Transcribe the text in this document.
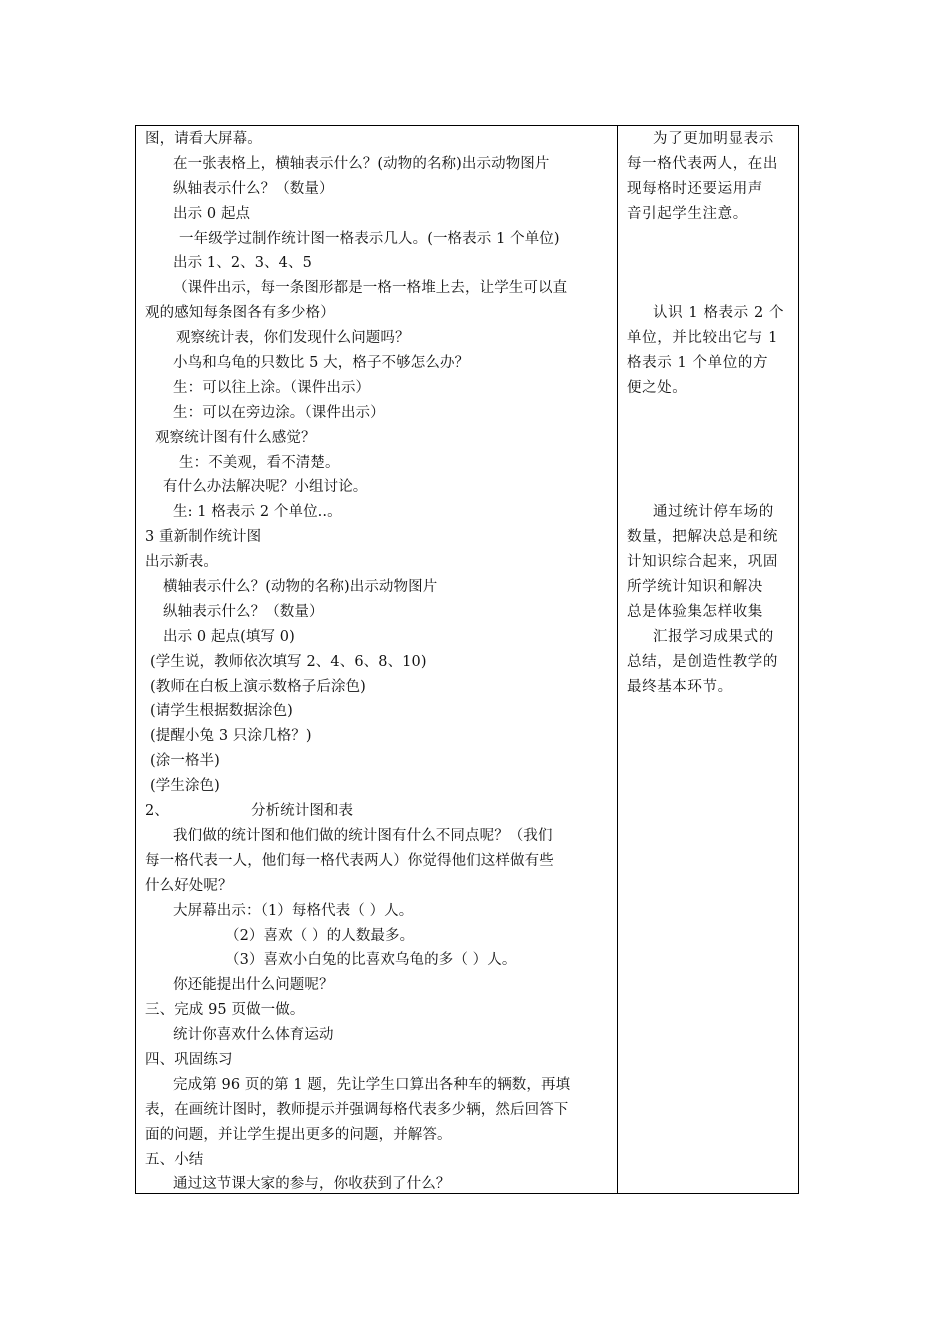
图，请看大屏幕。
在一张表格上，横轴表示什么？(动物的名称)出示动物图片
纵轴表示什么？（数量）
出示 0 起点
一年级学过制作统计图一格表示几人。(一格表示 1 个单位)
出示 1、2、3、4、5
（课件出示，每一条图形都是一格一格堆上去，让学生可以直
观的感知每条图各有多少格）
观察统计表，你们发现什么问题吗？
小鸟和乌龟的只数比 5 大，格子不够怎么办？
生：可以往上涂。（课件出示）
生：可以在旁边涂。（课件出示）
观察统计图有什么感觉？
生：不美观，看不清楚。
有什么办法解决呢？小组讨论。
生: 1 格表示 2 个单位..。
3 重新制作统计图
出示新表。
横轴表示什么？(动物的名称)出示动物图片
纵轴表示什么？（数量）
出示 0 起点(填写 0)
(学生说，教师依次填写 2、4、6、8、10)
(教师在白板上演示数格子后涂色)
(请学生根据数据涂色)
(提醒小兔 3 只涂几格？)
(涂一格半)
(学生涂色)
2、	分析统计图和表
我们做的统计图和他们做的统计图有什么不同点呢？（我们
每一格代表一人，他们每一格代表两人）你觉得他们这样做有些
什么好处呢？
大屏幕出示：（1）每格代表（ ）人。
（2）喜欢（ ）的人数最多。
（3）喜欢小白兔的比喜欢乌龟的多（ ）人。
你还能提出什么问题呢？
三、完成 95 页做一做。
统计你喜欢什么体育运动
四、巩固练习
完成第 96 页的第 1 题，先让学生口算出各种车的辆数，再填
表，在画统计图时，教师提示并强调每格代表多少辆，然后回答下
面的问题，并让学生提出更多的问题，并解答。
五、小结
通过这节课大家的参与，你收获到了什么？
为了更加明显表示
每一格代表两人，在出
现每格时还要运用声
音引起学生注意。
认识 1 格表示 2 个
单位，并比较出它与 1
格表示 1 个单位的方
便之处。
通过统计停车场的
数量，把解决总是和统
计知识综合起来，巩固
所学统计知识和解决
总是体验集怎样收集
汇报学习成果式的
总结，是创造性教学的
最终基本环节。
